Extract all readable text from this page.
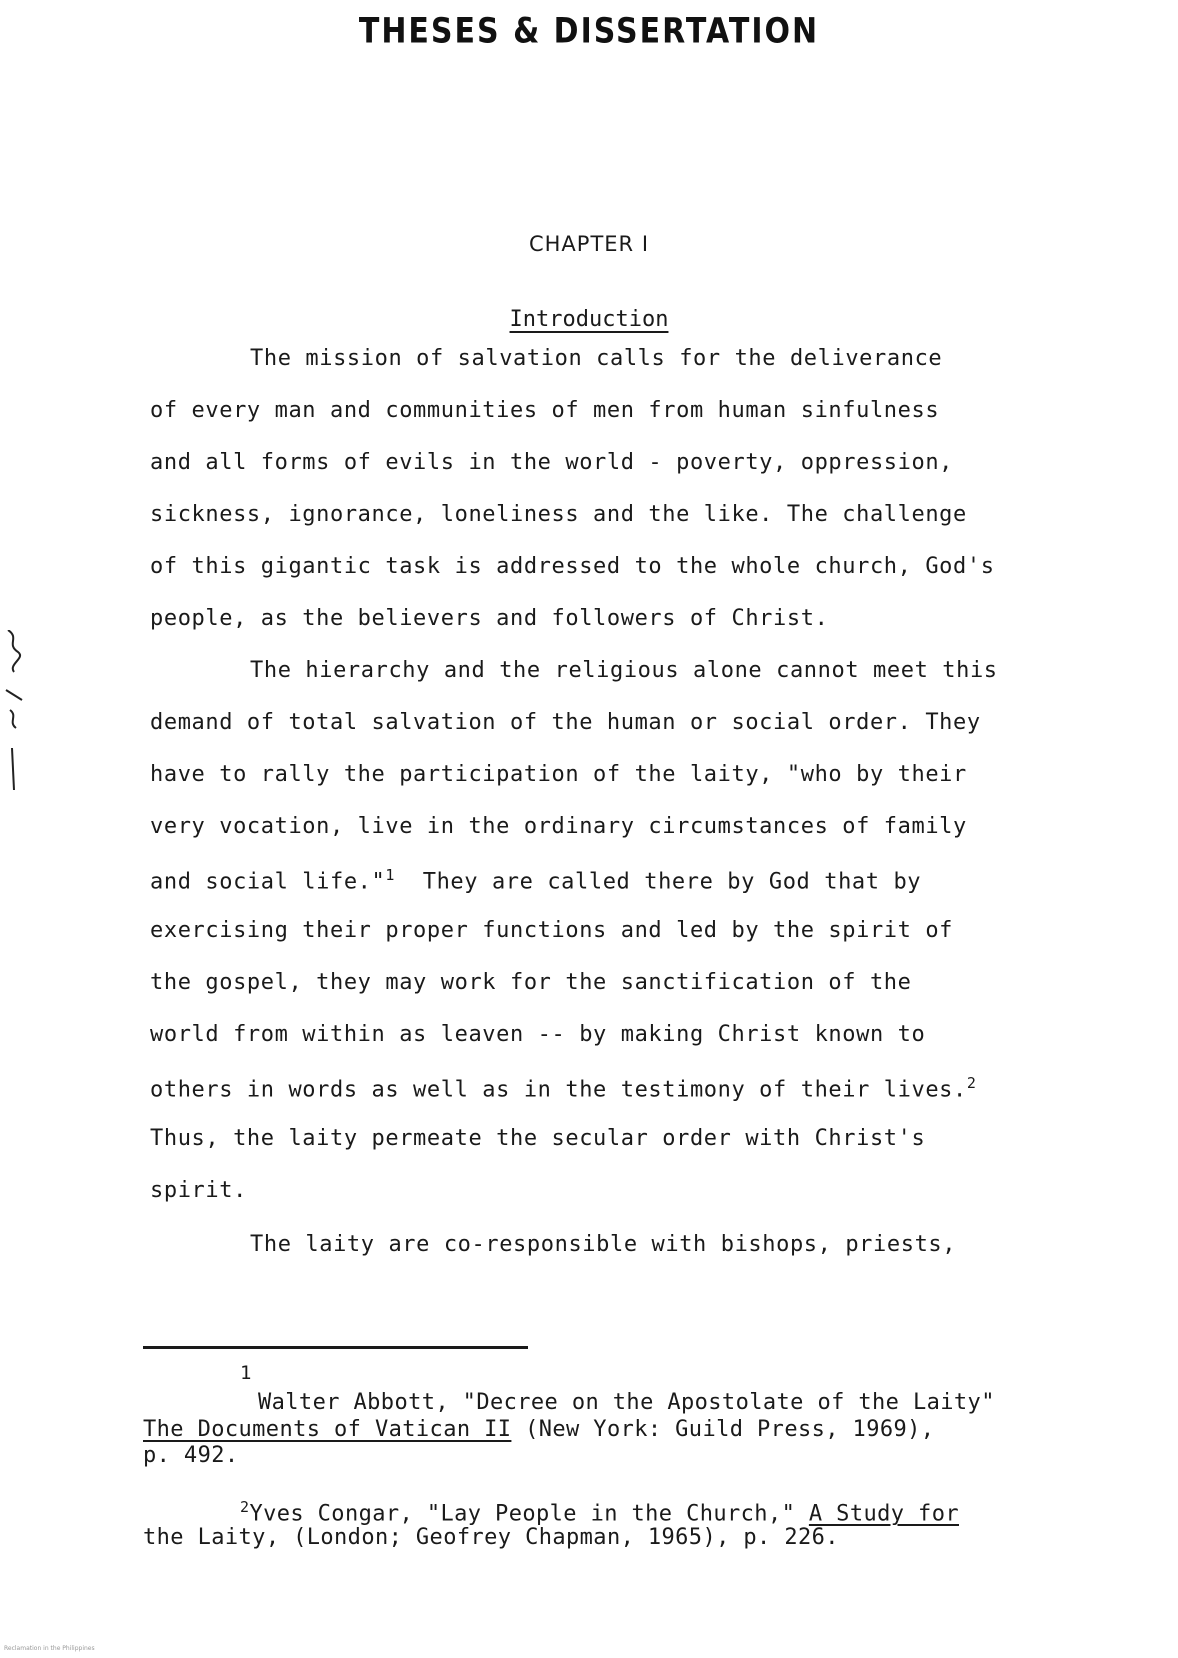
THESES & DISSERTATION
CHAPTER I
Introduction
The mission of salvation calls for the deliverance
of every man and communities of men from human sinfulness
and all forms of evils in the world - poverty, oppression,
sickness, ignorance, loneliness and the like. The challenge
of this gigantic task is addressed to the whole church, God's
people, as the believers and followers of Christ.
The hierarchy and the religious alone cannot meet this
demand of total salvation of the human or social order. They
have to rally the participation of the laity, "who by their
very vocation, live in the ordinary circumstances of family
and social life."$^1$ They are called there by God that by
exercising their proper functions and led by the spirit of
the gospel, they may work for the sanctification of the
world from within as leaven -- by making Christ known to
others in words as well as in the testimony of their lives.$^2$
Thus, the laity permeate the secular order with Christ's
spirit.
The laity are co-responsible with bishops, priests,
1
Walter Abbott, "Decree on the Apostolate of the Laity"
The Documents of Vatican II (New York: Guild Press, 1969),
p. 492.
$^2$Yves Congar, "Lay People in the Church," A Study for
the Laity, (London; Geofrey Chapman, 1965), p. 226.
Reclamation in the Philippines
